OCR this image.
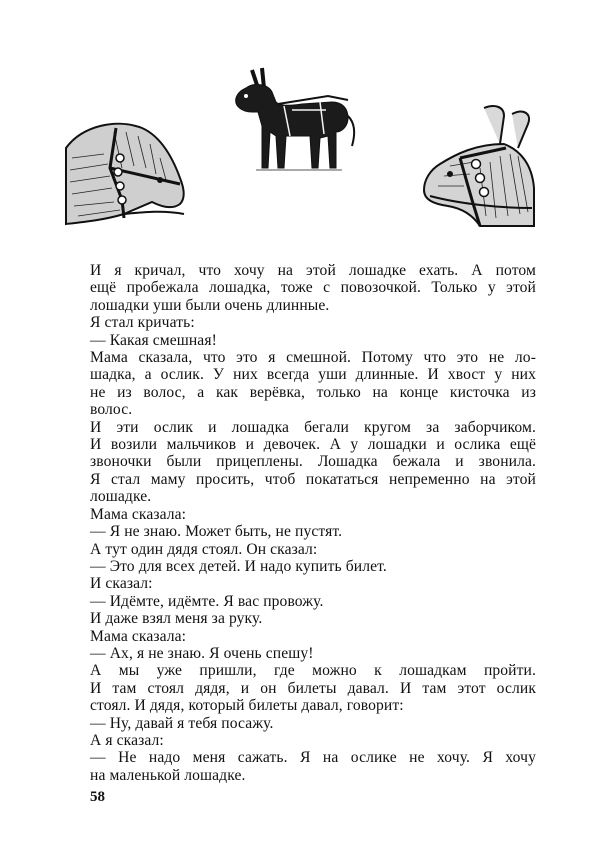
И я кричал, что хочу на этой лошадке ехать. А потом
ещё пробежала лошадка, тоже с повозочкой. Только у этой
лошадки уши были очень длинные.
Я стал кричать:
— Какая смешная!
Мама сказала, что это я смешной. Потому что это не ло-
шадка, а ослик. У них всегда уши длинные. И хвост у них
не из волос, а как верёвка, только на конце кисточка из
волос.
И эти ослик и лошадка бегали кругом за заборчиком.
И возили мальчиков и девочек. А у лошадки и ослика ещё
звоночки были прицеплены. Лошадка бежала и звонила.
Я стал маму просить, чтоб покататься непременно на этой
лошадке.
Мама сказала:
— Я не знаю. Может быть, не пустят.
А тут один дядя стоял. Он сказал:
— Это для всех детей. И надо купить билет.
И сказал:
— Идёмте, идёмте. Я вас провожу.
И даже взял меня за руку.
Мама сказала:
— Ах, я не знаю. Я очень спешу!
А мы уже пришли, где можно к лошадкам пройти.
И там стоял дядя, и он билеты давал. И там этот ослик
стоял. И дядя, который билеты давал, говорит:
— Ну, давай я тебя посажу.
А я сказал:
— Не надо меня сажать. Я на ослике не хочу. Я хочу
на маленькой лошадке.
58
